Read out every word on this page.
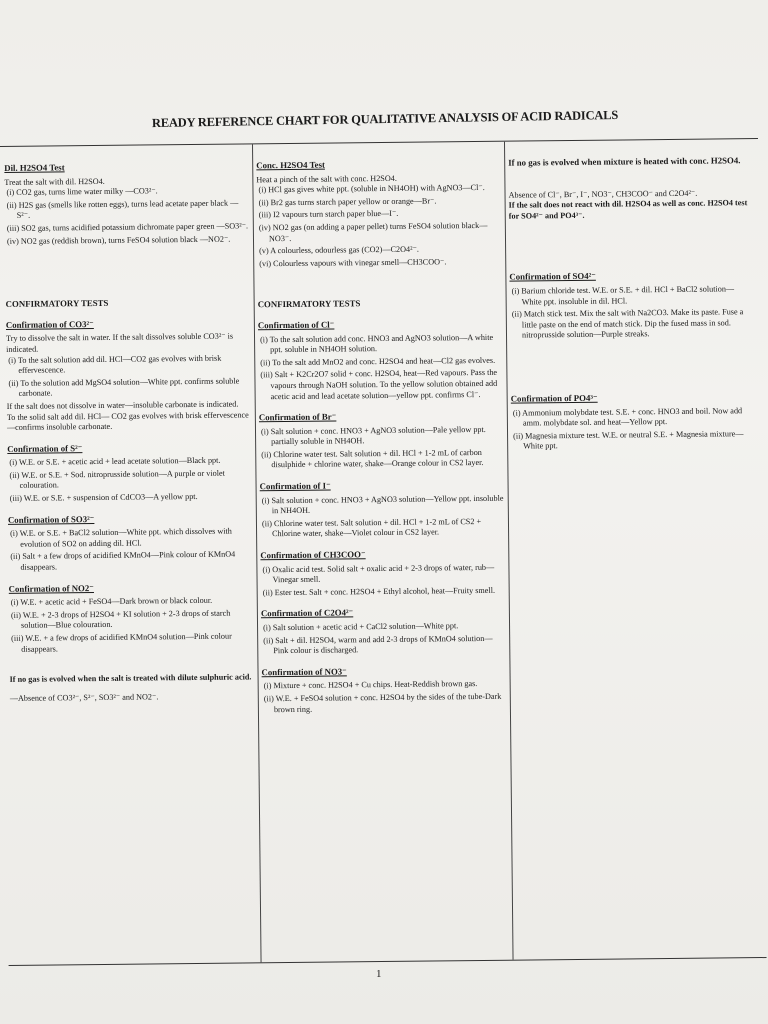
READY REFERENCE CHART FOR QUALITATIVE ANALYSIS OF ACID RADICALS

Dil. H2SO4 Test

Treat the salt with dil. H2SO4.

(i) CO2 gas, turns lime water milky —CO3²⁻.

(ii) H2S gas (smells like rotten eggs), turns lead acetate paper black —S²⁻.

(iii) SO2 gas, turns acidified potassium dichromate paper green —SO3²⁻.

(iv) NO2 gas (reddish brown), turns FeSO4 solution black —NO2⁻.

CONFIRMATORY TESTS

Confirmation of CO3²⁻

Try to dissolve the salt in water. If the salt dissolves soluble CO3²⁻ is indicated.

(i) To the salt solution add dil. HCl—CO2 gas evolves with brisk effervescence.

(ii) To the solution add MgSO4 solution—White ppt. confirms soluble carbonate.

If the salt does not dissolve in water—insoluble carbonate is indicated.

To the solid salt add dil. HCl— CO2 gas evolves with brisk effervescence—confirms insoluble carbonate.

Confirmation of S²⁻

(i) W.E. or S.E. + acetic acid + lead acetate solution—Black ppt.

(ii) W.E. or S.E. + Sod. nitroprusside solution—A purple or violet colouration.

(iii) W.E. or S.E. + suspension of CdCO3—A yellow ppt.

Confirmation of SO3²⁻

(i) W.E. or S.E. + BaCl2 solution—White ppt. which dissolves with evolution of SO2 on adding dil. HCl.

(ii) Salt + a few drops of acidified KMnO4—Pink colour of KMnO4 disappears.

Confirmation of NO2⁻

(i) W.E. + acetic acid + FeSO4—Dark brown or black colour.

(ii) W.E. + 2-3 drops of H2SO4 + KI solution + 2-3 drops of starch solution—Blue colouration.

(iii) W.E. + a few drops of acidified KMnO4 solution—Pink colour disappears.

If no gas is evolved when the salt is treated with dilute sulphuric acid.

—Absence of CO3²⁻, S²⁻, SO3²⁻ and NO2⁻.

Conc. H2SO4 Test

Heat a pinch of the salt with conc. H2SO4.

(i) HCl gas gives white ppt. (soluble in NH4OH) with AgNO3—Cl⁻.

(ii) Br2 gas turns starch paper yellow or orange—Br⁻.

(iii) I2 vapours turn starch paper blue—I⁻.

(iv) NO2 gas (on adding a paper pellet) turns FeSO4 solution black—NO3⁻.

(v) A colourless, odourless gas (CO2)—C2O4²⁻.

(vi) Colourless vapours with vinegar smell—CH3COO⁻.

CONFIRMATORY TESTS

Confirmation of Cl⁻

(i) To the salt solution add conc. HNO3 and AgNO3 solution—A white ppt. soluble in NH4OH solution.

(ii) To the salt add MnO2 and conc. H2SO4 and heat—Cl2 gas evolves.

(iii) Salt + K2Cr2O7 solid + conc. H2SO4, heat—Red vapours. Pass the vapours through NaOH solution. To the yellow solution obtained add acetic acid and lead acetate solution—yellow ppt. confirms Cl⁻.

Confirmation of Br⁻

(i) Salt solution + conc. HNO3 + AgNO3 solution—Pale yellow ppt. partially soluble in NH4OH.

(ii) Chlorine water test. Salt solution + dil. HCl + 1-2 mL of carbon disulphide + chlorine water, shake—Orange colour in CS2 layer.

Confirmation of I⁻

(i) Salt solution + conc. HNO3 + AgNO3 solution—Yellow ppt. insoluble in NH4OH.

(ii) Chlorine water test. Salt solution + dil. HCl + 1-2 mL of CS2 + Chlorine water, shake—Violet colour in CS2 layer.

Confirmation of CH3COO⁻

(i) Oxalic acid test. Solid salt + oxalic acid + 2-3 drops of water, rub—Vinegar smell.

(ii) Ester test. Salt + conc. H2SO4 + Ethyl alcohol, heat—Fruity smell.

Confirmation of C2O4²⁻

(i) Salt solution + acetic acid + CaCl2 solution—White ppt.

(ii) Salt + dil. H2SO4, warm and add 2-3 drops of KMnO4 solution—Pink colour is discharged.

Confirmation of NO3⁻

(i) Mixture + conc. H2SO4 + Cu chips. Heat-Reddish brown gas.

(ii) W.E. + FeSO4 solution + conc. H2SO4 by the sides of the tube-Dark brown ring.

If no gas is evolved when mixture is heated with conc. H2SO4.

Absence of Cl⁻, Br⁻, I⁻, NO3⁻, CH3COO⁻ and C2O4²⁻.

If the salt does not react with dil. H2SO4 as well as conc. H2SO4 test for SO4²⁻ and PO4³⁻.

Confirmation of SO4²⁻

(i) Barium chloride test. W.E. or S.E. + dil. HCl + BaCl2 solution—White ppt. insoluble in dil. HCl.

(ii) Match stick test. Mix the salt with Na2CO3. Make its paste. Fuse a little paste on the end of match stick. Dip the fused mass in sod. nitroprusside solution—Purple streaks.

Confirmation of PO4³⁻

(i) Ammonium molybdate test. S.E. + conc. HNO3 and boil. Now add amm. molybdate sol. and heat—Yellow ppt.

(ii) Magnesia mixture test. W.E. or neutral S.E. + Magnesia mixture—White ppt.

1
